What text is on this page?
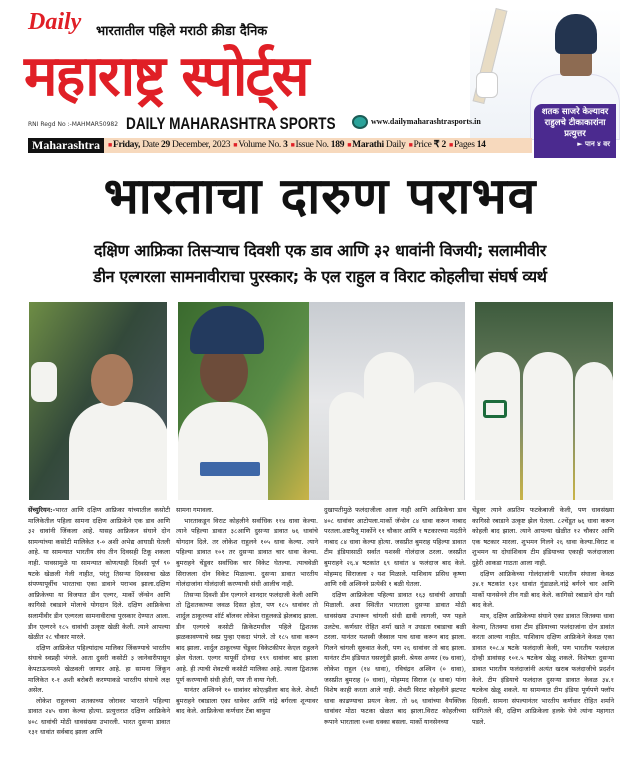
Daily भारतातील पहिले मराठी क्रीडा दैनिक
महाराष्ट्र स्पोर्ट्स
शतक साजरे केल्यावर राहुलचे टीकाकारांना प्रत्युत्तर
► पान ४ वर
RNI Regd No :-MAHMAR50982 DAILY MAHARASHTRA SPORTS	www.dailymaharashtrasports.in
Maharashtra	■Friday, Date 29 December, 2023 ■Volume No. 3 ■Issue No. 189 ■Marathi Daily ■Price ₹ 2 ■Pages 14
भारताचा दारुण पराभव
दक्षिण आफ्रिका तिसऱ्याच दिवशी एक डाव आणि ३२ धावांनी विजयी; सलामीवीर
डीन एल्गरला सामनावीराचा पुरस्कार; के एल राहुल व विराट कोहलीचा संघर्ष व्यर्थ

सेंच्युरियन:-भारत आणि दक्षिण आफ्रिका यांच्यातील कसोटी मालिकेतील पहिला सामना दक्षिण आफ्रिकेने एक डाव आणि ३२ धावांनी जिंकला आहे. यासह आफ्रिकन संघाने दोन सामन्यांच्या कसोटी मालिकेत १-० अशी अभेद्य आघाडी घेतली आहे. या सामन्यात भारतीय संघ तीन दिवसही टिकू शकला नाही. पावसामुळे या सामन्यात कोणत्याही दिवशी पूर्ण ९० षटके खेळली गेली नाहीत, परंतु तिसऱ्या दिवसाचा खेळ संपण्यापूर्वीच भारताचा एका डावाने पराभव झाला.दक्षिण आफ्रिकेच्या या विजयात डीन एल्गर, मार्को जॅन्सेन आणि कागिसो रबाडाने मोलाचे योगदान दिले. दक्षिण आफ्रिकेचा सलामीवीर डीन एल्गरला सामनावीराचा पुरस्कार देण्यात आला. डीन एल्गरने १८५ धावांची उत्कृष्ट खेळी केली. त्याने आपल्या खेळीत २८ चौकार मारले.

दक्षिण आफ्रिकेत पहिल्यांदाच मालिका जिंकण्याचे भारतीय संघाचे स्वप्नही भंगले. आता दुसरी कसोटी ३ जानेवारीपासून केपटाऊनमध्ये खेळवली जाणार आहे. हा सामना जिंकून मालिकेत १-१ अशी बरोबरी करण्याकडे भारतीय संघाचे लक्ष असेल.

लोकेश राहुलच्या शतकाच्या जोरावर भारताने पहिल्या डावात २४५ धावा केल्या होत्या. प्रत्युत्तरात दक्षिण आफ्रिकेने ४०८ धावांची मोठी धावसंख्या उभारली. भारत दुसऱ्या डावात १३१ धावांत सर्वबाद झाला आणि

सामना गमावला.

भारताकडून विराट कोहलीने सर्वाधिक ११४ धावा केल्या. त्याने पहिल्या डावात ३८आणि दुसऱ्या डावात ७६ धावांचे योगदान दिले. तर लोकेश राहुलने १०५ धावा केल्या. त्याने पहिल्या डावात १०१ तर दुसऱ्या डावात चार धावा केल्या. बुमराहने चेंडूवर सर्वाधिक चार विकेट घेतल्या. त्याचवेळी सिराजला दोन विकेट मिळाल्या. दुसऱ्या डावात भारतीय गोलंदाजांना गोलंदाजी करण्याची संधी आलीच नाही.

तिसऱ्या दिवशी डीन एल्गरने शानदार फलंदाजी केली आणि तो द्विशतकाच्या जवळ दिसत होता, पण १८५ धावांवर तो शार्दुल ठाकूरच्या शॉर्ट बॉलवर लोकेश राहुलकडे झेलबाद झाला. डीन एल्गरचे कसोटी क्रिकेटमधील पहिले द्विशतक झळकावण्याचे स्वप्न पुन्हा एकदा भंगले. तो १८५ धावा करून बाद झाला. शार्दुल ठाकूरच्या चेंडूवर विकेटकीपर केएल राहुलने झेल घेतला. एल्गर यापूर्वी दोनदा १९९ धावांवर बाद झाला आहे. ही त्याची शेवटची कसोटी मालिका आहे. त्याला द्विशतक पूर्ण करण्याची संधी होती, पण ती वाया गेली.

यानंतर अश्विनने १० धावांवर कोएत्झीला बाद केले. शेवटी बुमराहने रबाडाला एका धावेवर आणि नांद्रे बर्गरला शून्यावर बाद केले. आफ्रिकेचा कर्णधार टेंबा बावुमा

दुखापतीमुळे फलंदाजीला आला नाही आणि आफ्रिकेचा डाव ४०८ धावांवर आटोपला.मार्को जॅन्सेन ८४ धावा करून नाबाद परतला.अष्टपैलू मार्कोने ११ चौकार आणि १ षटकारच्या मदतीने नाबाद ८४ धावा केल्या होत्या. जसप्रीत बुमराह पहिल्या डावात टीम इंडियासाठी सर्वात यशस्वी गोलंदाज ठरला. जसप्रीत बुमराहने २६.४ षटकांत ६९ धावांत ४ फलंदाज बाद केले. मोहम्मद सिराजला २ यश मिळाले. याशिवाय प्रसिध कृष्णा आणि रवी अश्विनने प्रत्येकी १ बळी घेतला.

दक्षिण आफ्रिकेला पहिल्या डावात १६३ धावांची आघाडी मिळाली. अशा स्थितीत भारताला दुसऱ्या डावात मोठी धावसंख्या उभारून चांगली संधी द्यावी लागली, पण पहले उलटेच. कर्णधार रोहित शर्मा खाते न उघडता रबाडाचा बळी ठरला. यानंतर यशस्वी जैस्वाल पाच धावा करून बाद झाला. गिलने चांगली सुरुवात केली, पण २६ धावांवर तो बाद झाला. यानंतर टीम इंडियात घसरगुंडी झाली. श्रेयस अय्यर (१७ धावा), लोकेश राहुल (१४ धावा), रविचंद्रन अश्विन (० धावा), जसप्रीत बुमराह (० धावा), मोहम्मद सिराज (४ धावा) यांना विशेष काही करता आले नाही. शेवटी विराट कोहलीने झटपट धावा काढण्याचा प्रयत्न केला. तो ७६ धावांच्या वैयक्तिक धावांवर मोठा फटका खेळत बाद झाला.विराट कोहलीच्या रूपाने भारताला १०वा धक्का बसला. मार्को यानसेनच्या

चेंडूवर त्याने अप्रतिम फटकेबाजी केली, पण धावसंख्या कागिसो रबाडाने उत्कृष्ट झेल घेतला. ८२चेंडूत ७६ धावा करून कोहली बाद झाला. त्याने आपल्या खेळीत १२ चौकार आणि एक षटकार मारला. शुभमन गिलने २६ धावा केल्या.विराट व शुभमन या दोघांशिवाय टीम इंडियाच्या एकाही फलंदाजाला दुहेरी आकडा गाठता आला नाही.

दक्षिण आफ्रिकेच्या गोलंदाजांनी भारतीय संघाला केवळ ३४.१ षटकांत १३१ धावांत गुंडाळले.नांद्रे बर्गरने चार आणि मार्को यानसेनने तीन गडी बाद केले. कागिसो रबाडाने दोन गडी बाद केले.

मात्र, दक्षिण आफ्रिकेच्या संघाने एका डावात जितक्या धावा केल्या, तितक्या धावा टीम इंडियाच्या फलंदाजांना दोन डावांत करता आल्या नाहीत. याशिवाय दक्षिण आफ्रिकेने केवळ एका डावात १०८.४ षटके फलंदाजी केली, पण भारतीय फलंदाज दोन्ही डावांसह १०१.५ षटकेच खेळू शकले. विशेषतः दुसऱ्या डावात भारतीय फलंदाजांनी अत्यंत खराब फलंदाजीचे प्रदर्शन केले. टीम इंडियाचे फलंदाज दुसऱ्या डावात केवळ ३४.१ षटकेच खेळू शकले. या सामन्यात टीम इंडिया पूर्णपणे फ्लॉप दिसली. सामना संपल्यानंतर भारतीय कर्णधार रोहित शर्माने सांगितले की, दक्षिण आफ्रिकेला हलके घेणे त्यांना महागात पडले.
